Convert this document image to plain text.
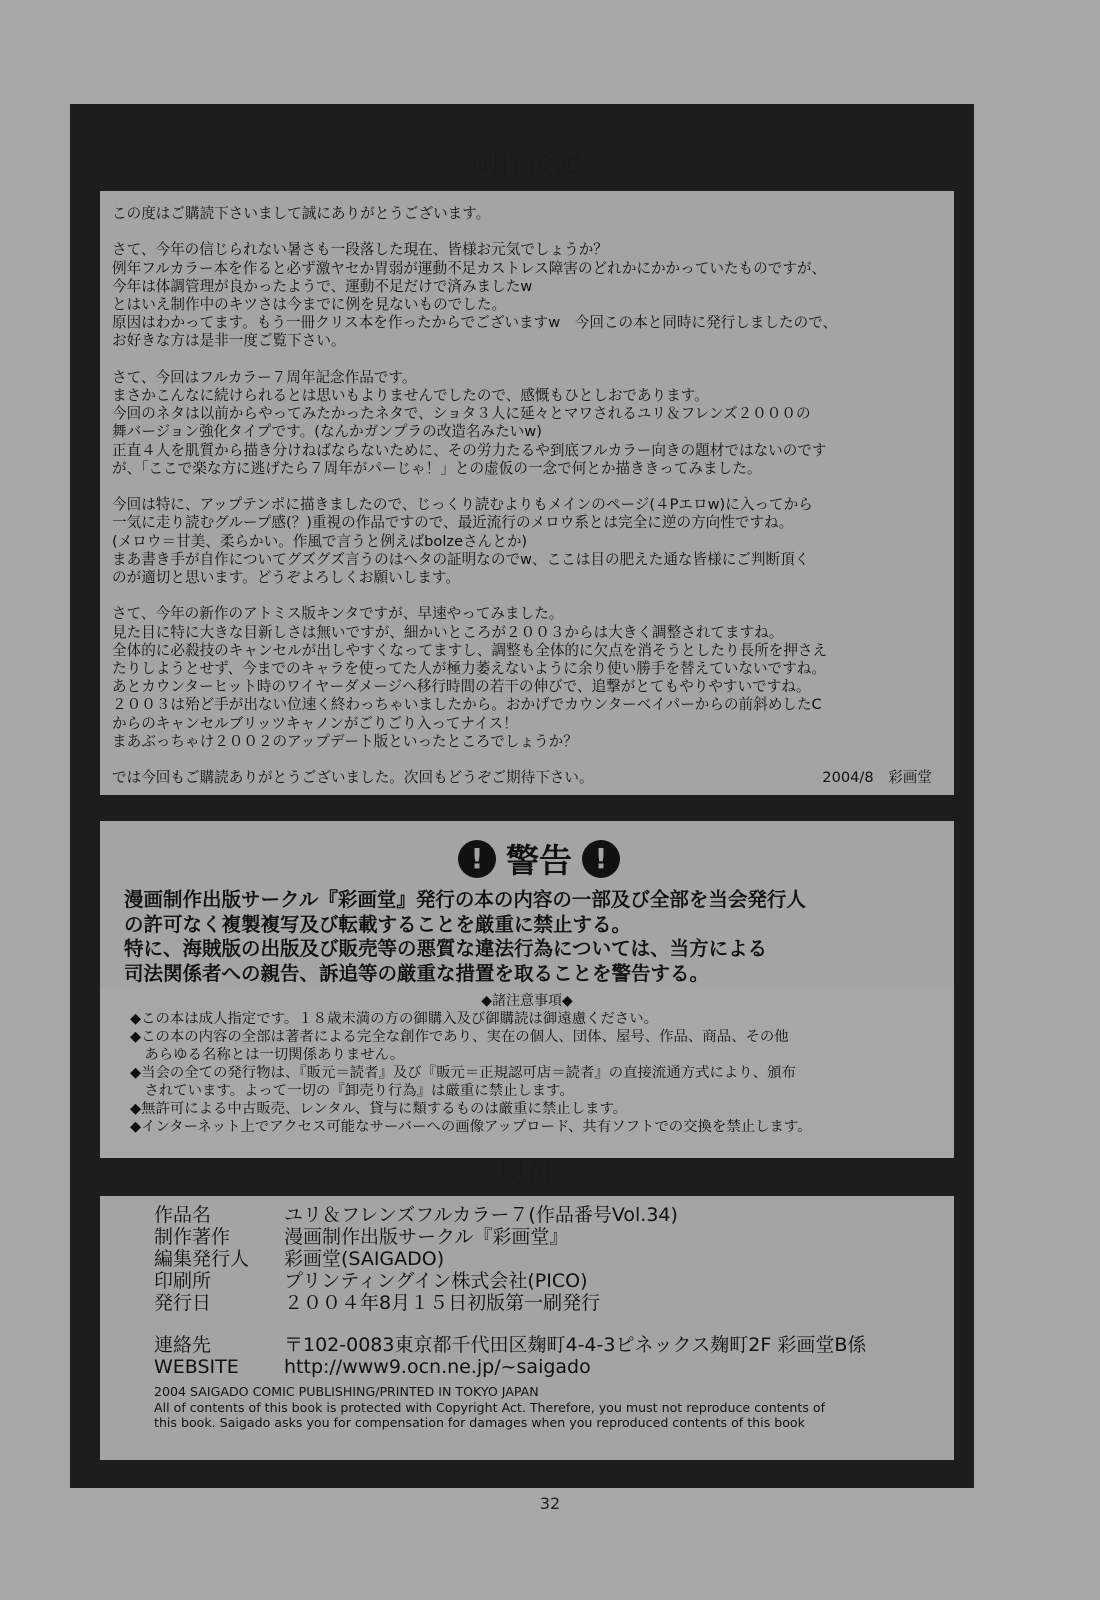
制作後記
この度はご購読下さいまして誠にありがとうございます。
さて、今年の信じられない暑さも一段落した現在、皆様お元気でしょうか？
例年フルカラー本を作ると必ず激ヤセか胃弱が運動不足カストレス障害のどれかにかかっていたものですが、
今年は体調管理が良かったようで、運動不足だけで済みましたw
とはいえ制作中のキツさは今までに例を見ないものでした。
原因はわかってます。もう一冊クリス本を作ったからでございますw　今回この本と同時に発行しましたので、
お好きな方は是非一度ご覧下さい。
さて、今回はフルカラー７周年記念作品です。
まさかこんなに続けられるとは思いもよりませんでしたので、感慨もひとしおであります。
今回のネタは以前からやってみたかったネタで、ショタ３人に延々とマワされるユリ＆フレンズ２０００の
舞バージョン強化タイプです。(なんかガンプラの改造名みたいw)
正直４人を肌質から描き分けねばならないために、その労力たるや到底フルカラー向きの題材ではないのです
が、「ここで楽な方に逃げたら７周年がパーじゃ！」との虚仮の一念で何とか描ききってみました。
今回は特に、アップテンポに描きましたので、じっくり読むよりもメインのページ(４Pエロw)に入ってから
一気に走り読むグループ感(？)重視の作品ですので、最近流行のメロウ系とは完全に逆の方向性ですね。
(メロウ＝甘美、柔らかい。作風で言うと例えばbolzeさんとか)
まあ書き手が自作についてグズグズ言うのはヘタの証明なのでw、ここは目の肥えた通な皆様にご判断頂く
のが適切と思います。どうぞよろしくお願いします。
さて、今年の新作のアトミス版キンタですが、早速やってみました。
見た目に特に大きな目新しさは無いですが、細かいところが２００３からは大きく調整されてますね。
全体的に必殺技のキャンセルが出しやすくなってますし、調整も全体的に欠点を消そうとしたり長所を押さえ
たりしようとせず、今までのキャラを使ってた人が極力萎えないように余り使い勝手を替えていないですね。
あとカウンターヒット時のワイヤーダメージへ移行時間の若干の伸びで、追撃がとてもやりやすいですね。
２００３は殆ど手が出ない位速く終わっちゃいましたから。おかげでカウンターベイパーからの前斜めしたC
からのキャンセルブリッツキャノンがごりごり入ってナイス！
まあぶっちゃけ２００２のアップデート版といったところでしょうか？
では今回もご購読ありがとうございました。次回もどうぞご期待下さい。	2004/8　彩画堂
! 警告 !
漫画制作出版サークル『彩画堂』発行の本の内容の一部及び全部を当会発行人
の許可なく複製複写及び転載することを厳重に禁止する。
特に、海賊版の出版及び販売等の悪質な違法行為については、当方による
司法関係者への親告、訴追等の厳重な措置を取ることを警告する。
◆諸注意事項◆
◆この本は成人指定です。１８歳未満の方の御購入及び御購読は御遠慮ください。
◆この本の内容の全部は著者による完全な創作であり、実在の個人、団体、屋号、作品、商品、その他
　あらゆる名称とは一切関係ありません。
◆当会の全ての発行物は、『販元＝読者』及び『販元＝正規認可店＝読者』の直接流通方式により、頒布
　されています。よって一切の『卸売り行為』は厳重に禁止します。
◆無許可による中古販売、レンタル、貸与に類するものは厳重に禁止します。
◆インターネット上でアクセス可能なサーバーへの画像アップロード、共有ソフトでの交換を禁止します。
奥付
作品名	ユリ＆フレンズフルカラー７(作品番号Vol.34)
制作著作	漫画制作出版サークル『彩画堂』
編集発行人	彩画堂(SAIGADO)
印刷所	プリンティングイン株式会社(PICO)
発行日	２００４年8月１５日初版第一刷発行
連絡先	〒102-0083東京都千代田区麹町4-4-3ピネックス麹町2F 彩画堂B係
WEBSITE	http://www9.ocn.ne.jp/~saigado
2004 SAIGADO COMIC PUBLISHING/PRINTED IN TOKYO JAPAN
All of contents of this book is protected with Copyright Act. Therefore, you must not reproduce contents of
this book. Saigado asks you for compensation for damages when you reproduced contents of this book
32
